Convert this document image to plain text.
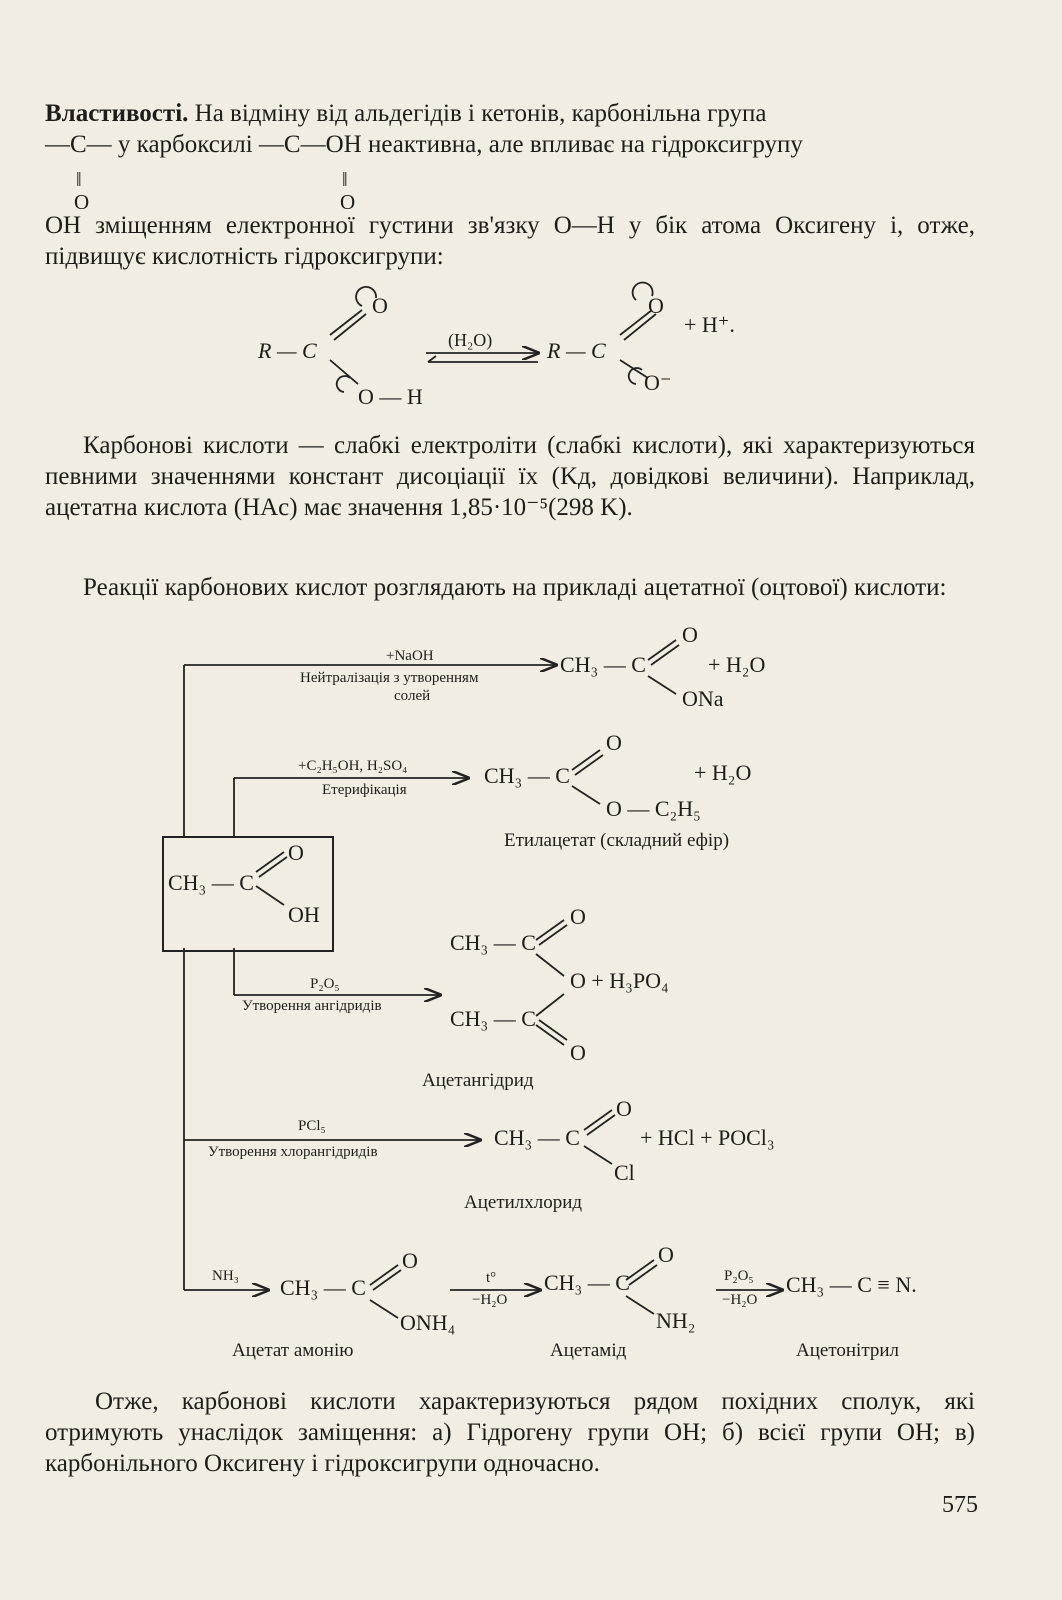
Властивості. На відміну від альдегідів і кетонів, карбонільна група
—C— у карбоксилі —C—OH неактивна, але впливає на гідроксигрупу
‖
O
‖
O
OH зміщенням електронної густини зв'язку O—H у бік атома Оксигену і, отже, підвищує кислотність гідроксигрупи:
R — C
O
O — H
(H₂O) R — C
O
O⁻
+ H⁺.
Карбонові кислоти — слабкі електроліти (слабкі кислоти), які характеризуються певними значеннями констант дисоціації їх (Kд, довідкові величини). Наприклад, ацетатна кислота (HAc) має значення 1,85·10⁻⁵(298 K).
Реакції карбонових кислот розглядають на прикладі ацетатної (оцтової) кислоти:
CH₃ — C
O
OH
+NaOH
Нейтралізація з утворенням
солей
CH₃ — C
O
ONa
+ H₂O
+C₂H₅OH, H₂SO₄
Етерифікація
CH₃ — C
O
O — C₂H₅
+ H₂O
Етилацетат (складний ефір)
P₂O₅
Утворення ангідридів
CH₃ — C
O
O + H₃PO₄
CH₃ — C
O
Ацетангідрид
PCl₅
Утворення хлорангідридів
CH₃ — C
O
Cl
+ HCl + POCl₃
Ацетилхлорид
NH₃ CH₃ — C
O
ONH₄
Ацетат амонію
t°
−H₂O
CH₃ — C
O
NH₂
Ацетамід
P₂O₅
−H₂O
CH₃ — C ≡ N.
Ацетонітрил
Отже, карбонові кислоти характеризуються рядом похідних сполук, які отримують унаслідок заміщення: а) Гідрогену групи OH; б) всієї групи OH; в) карбонільного Оксигену і гідроксигрупи одночасно.
575
